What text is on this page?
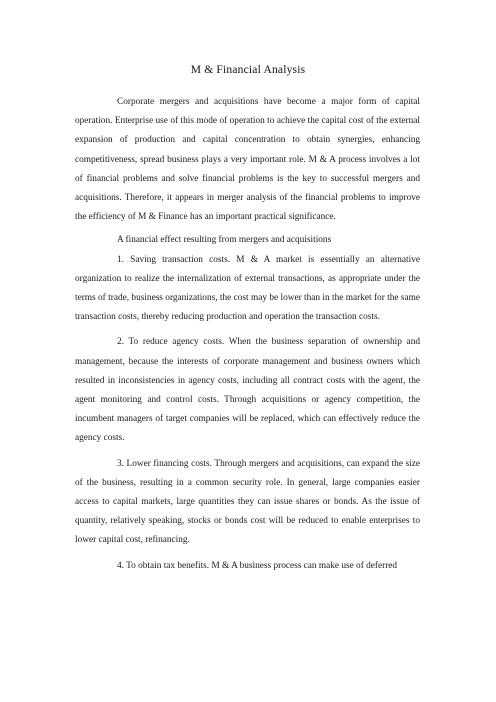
M & Financial Analysis

Corporate mergers and acquisitions have become a major form of capital operation. Enterprise use of this mode of operation to achieve the capital cost of the external expansion of production and capital concentration to obtain synergies, enhancing competitiveness, spread business plays a very important role. M & A process involves a lot of financial problems and solve financial problems is the key to successful mergers and acquisitions. Therefore, it appears in merger analysis of the financial problems to improve the efficiency of M & Finance has an important practical significance.

A financial effect resulting from mergers and acquisitions

1. Saving transaction costs. M & A market is essentially an alternative organization to realize the internalization of external transactions, as appropriate under the terms of trade, business organizations, the cost may be lower than in the market for the same transaction costs, thereby reducing production and operation the transaction costs.

2. To reduce agency costs. When the business separation of ownership and management, because the interests of corporate management and business owners which resulted in inconsistencies in agency costs, including all contract costs with the agent, the agent monitoring and control costs. Through acquisitions or agency competition, the incumbent managers of target companies will be replaced, which can effectively reduce the agency costs.

3. Lower financing costs. Through mergers and acquisitions, can expand the size of the business, resulting in a common security role. In general, large companies easier access to capital markets, large quantities they can issue shares or bonds. As the issue of quantity, relatively speaking, stocks or bonds cost will be reduced to enable enterprises to lower capital cost, refinancing.

4. To obtain tax benefits. M & A business process can make use of deferred
